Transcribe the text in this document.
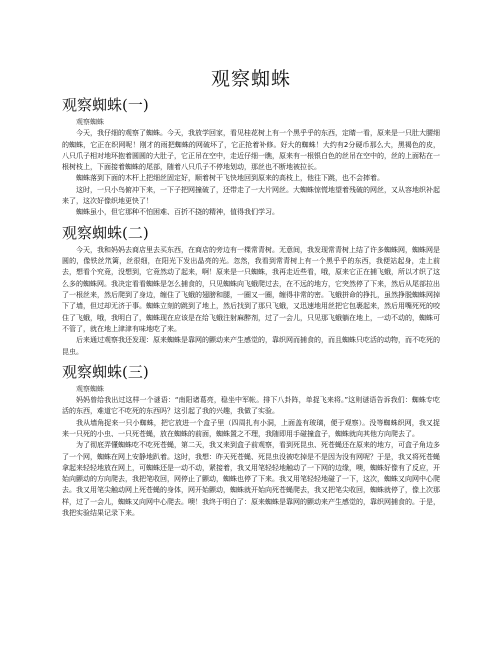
观察蜘蛛
观察蜘蛛(一)

观察蜘蛛

今天，我仔细的观察了蜘蛛。今天，我放学回家，看见桂花树上有一个黑乎乎的东西，定睛一看，原来是一只肚大腰细的蜘蛛，它正在织网呢！刚才的雨把蜘蛛的网破坏了，它正抢着补修。好大的蜘蛛！大约有2分硬币那么大，黑褐色的皮，八只爪子相对地环抱着圆圆的大肚子，它正吊在空中，走近仔细一瞧，原来有一根银白色的丝吊在空中的，丝的上面粘在一根树枝上，下面接着蜘蛛的尾部，随着八只爪子不停地划动，那丝也不断地被拉长。

蜘蛛落到下面的木杆上把细丝固定好，顺着树干飞快地回到原来的高枝上，他往下跳，也不会摔着。

这时，一只小鸟俯冲下来，一下子把网撞破了，还带走了一大片网丝。大蜘蛛惊慌地望着残破的网丝，又从容地织补起来了，这次好像织地更快了！

蜘蛛虽小，但它那种不怕困难、百折不挠的精神，值得我们学习。

观察蜘蛛(二)

今天，我和妈妈去商店里去买东西，在商店的旁边有一棵常青树。无意间，我发现常青树上结了许多蜘蛛网，蜘蛛网是圆的，像铁丝笊篱，丝很细，在阳光下发出晶亮的光。忽然，我看到常青树上有一个黑乎乎的东西，我便站起身，走上前去，想看个究竟，没想到，它竟然动了起来，啊！原来是一只蜘蛛，我再走近些看，哦，原来它正在捕飞蛾，所以才织了这么多的蜘蛛网。我决定看看蜘蛛是怎么捕食的，只见蜘蛛向飞蛾爬过去，在不远的地方，它突然停了下来，然后从尾部拉出了一根丝来，然后爬到了身边，缠住了飞蛾的翅膀和腿，一圈又一圈，缠得非常的密。飞蛾拼命的挣扎，虽然挣脱蜘蛛网掉下了墙，但过却无济于事。蜘蛛立刻的跳到了地上，然后找到了那只飞蛾，又迅速地用丝把它包裹起来，然后用嘴死死的咬住了飞蛾，哦，我明白了，蜘蛛现在应该是在给飞蛾注射麻醉剂，过了一会儿，只见那飞蛾躺在地上，一动不动的，蜘蛛可不管了，就在地上津津有味地吃了来。

后来通过观察我还发现：原来蜘蛛是靠网的颤动来产生感觉的，靠织网而捕食的，而且蜘蛛只吃活的动物，而不吃死的昆虫。

观察蜘蛛(三)

观察蜘蛛

妈妈曾给我出过这样一个谜语：“南阳诸葛亮，稳坐中军帐。排下八卦阵，单捉飞来将。”这则谜语告诉我们：蜘蛛专吃活的东西，难道它不吃死的东西吗？这引起了我的兴趣，我做了实验。

我从墙角捉来一只小蜘蛛，把它放进一个盒子里（四周扎有小洞，上面盖有玻璃，便于观察）。没等蜘蛛织网，我又捉来一只死的小虫、一只死苍蝇，放在蜘蛛的前面，蜘蛛置之不理，我随即用手碰撞盒子，蜘蛛就向其他方向爬去了。

为了彻底弄懂蜘蛛吃不吃死苍蝇，第二天，我又来到盒子前观察，看到死昆虫、死苍蝇还在原来的地方，可盒子角边多了一个网，蜘蛛在网上安静地趴着。这时，我想：昨天死苍蝇、死昆虫没被吃掉是不是因为没有网呢？于是，我又将死苍蝇拿起来轻轻地放在网上，可蜘蛛还是一动不动，紧接着，我又用笔轻轻地触动了一下网的边缘，噢，蜘蛛好像有了反应，开始向颤动的方向爬去，我把笔收回，网停止了颤动，蜘蛛也停了下来。我又用笔轻轻地碰了一下，这次，蜘蛛又向网中心爬去。我又用笔尖触动网上死苍蝇的身体，网开始颤动，蜘蛛就开始向死苍蝇爬去，我又把笔尖收回，蜘蛛就停了，像上次那样，过了一会儿，蜘蛛又向网中心爬去。噢！我终于明白了：原来蜘蛛是靠网的颤动来产生感觉的，靠织网捕食的。于是，我把实验结果记录下来。
